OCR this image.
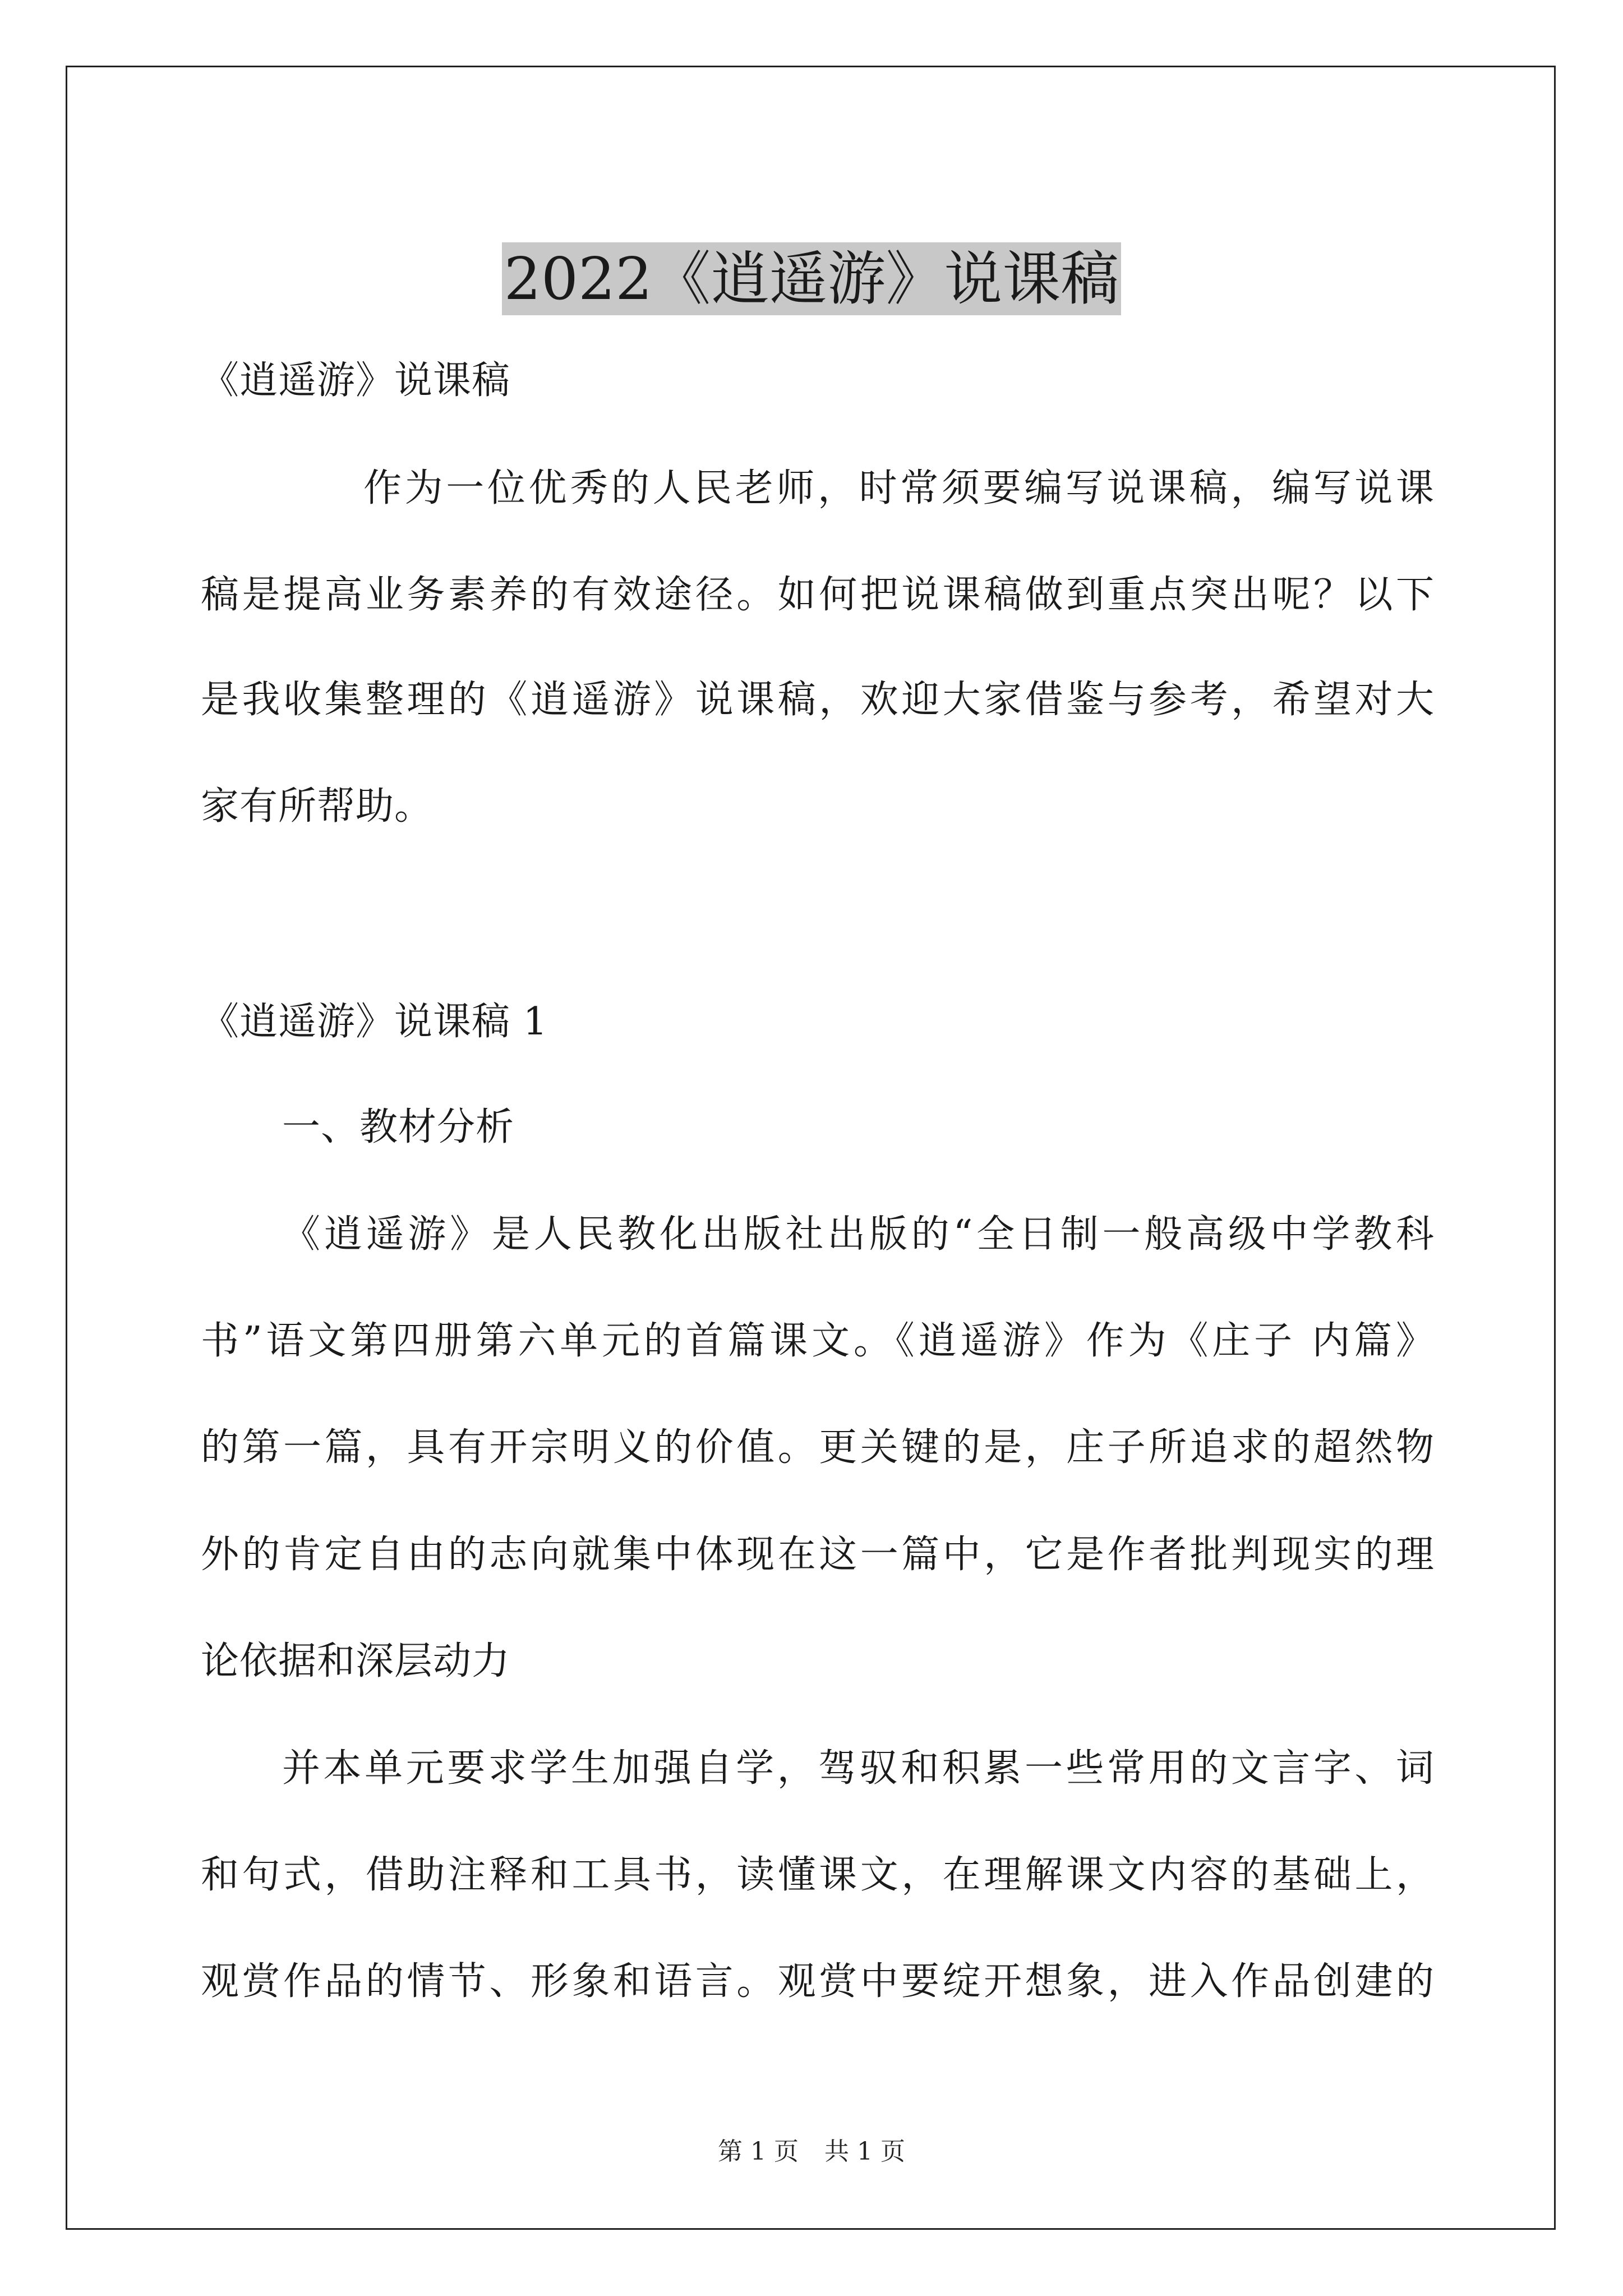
2022《逍遥游》说课稿
《逍遥游》说课稿
作为一位优秀的人民老师，时常须要编写说课稿，编写说课
稿是提高业务素养的有效途径。如何把说课稿做到重点突出呢？以下
是我收集整理的《逍遥游》说课稿，欢迎大家借鉴与参考，希望对大
家有所帮助。
《逍遥游》说课稿 1
一、教材分析
《逍遥游》是人民教化出版社出版的“全日制一般高级中学教科
书”语文第四册第六单元的首篇课文。《逍遥游》作为《庄子 内篇》
的第一篇，具有开宗明义的价值。更关键的是，庄子所追求的超然物
外的肯定自由的志向就集中体现在这一篇中，它是作者批判现实的理
论依据和深层动力
并本单元要求学生加强自学，驾驭和积累一些常用的文言字、词
和句式，借助注释和工具书，读懂课文，在理解课文内容的基础上，
观赏作品的情节、形象和语言。观赏中要绽开想象，进入作品创建的
第 1 页 共 1 页
